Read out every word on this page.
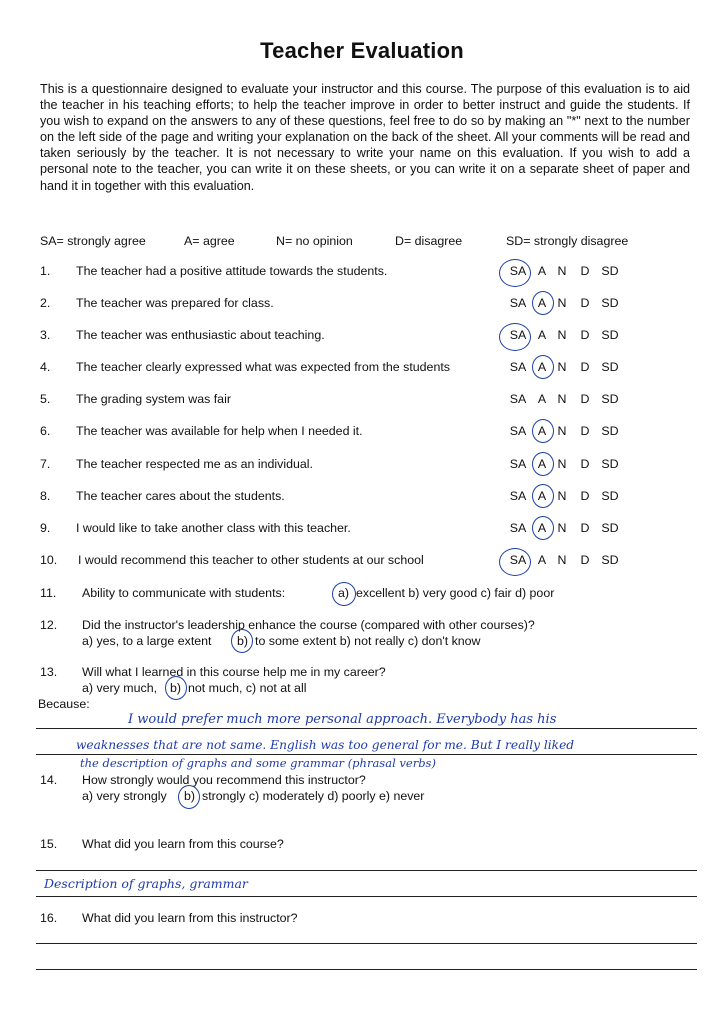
Teacher Evaluation
This is a questionnaire designed to evaluate your instructor and this course. The purpose of this evaluation is to aid the teacher in his teaching efforts; to help the teacher improve in order to better instruct and guide the students. If you wish to expand on the answers to any of these questions, feel free to do so by making an "*" next to the number on the left side of the page and writing your explanation on the back of the sheet. All your comments will be read and taken seriously by the teacher. It is not necessary to write your name on this evaluation. If you wish to add a personal note to the teacher, you can write it on these sheets, or you can write it on a separate sheet of paper and hand it in together with this evaluation.
SA= strongly agree	A= agree	N= no opinion	D= disagree	SD= strongly disagree
1. The teacher had a positive attitude towards the students.	SA A N	D SD
2. The teacher was prepared for class.	SA A N	D SD
3. The teacher was enthusiastic about teaching.	SA A N	D SD
4. The teacher clearly expressed what was expected from the students	SA A N	D SD
5. The grading system was fair	SA A N	D SD
6. The teacher was available for help when I needed it.	SA A N	D SD
7. The teacher respected me as an individual.	SA A N	D SD
8. The teacher cares about the students.	SA A N	D SD
9. I would like to take another class with this teacher.	SA A N	D SD
10. I would recommend this teacher to other students at our school	SA A N	D SD
11. Ability to communicate with students:	a) excellent b) very good c) fair d) poor
12. Did the instructor's leadership enhance the course (compared with other courses)?
a) yes, to a large extent b) to some extent b) not really c) don't know
13. Will what I learned in this course help me in my career?
a) very much, b) not much, c) not at all
Because:
I would prefer much more personal approach. Everybody has his
weaknesses that are not same. English was too general for me. But I really liked
the description of graphs and some grammar (phrasal verbs)
14. How strongly would you recommend this instructor?
a) very strongly b) strongly c) moderately d) poorly e) never
15. What did you learn from this course?
Description of graphs, grammar
16. What did you learn from this instructor?
